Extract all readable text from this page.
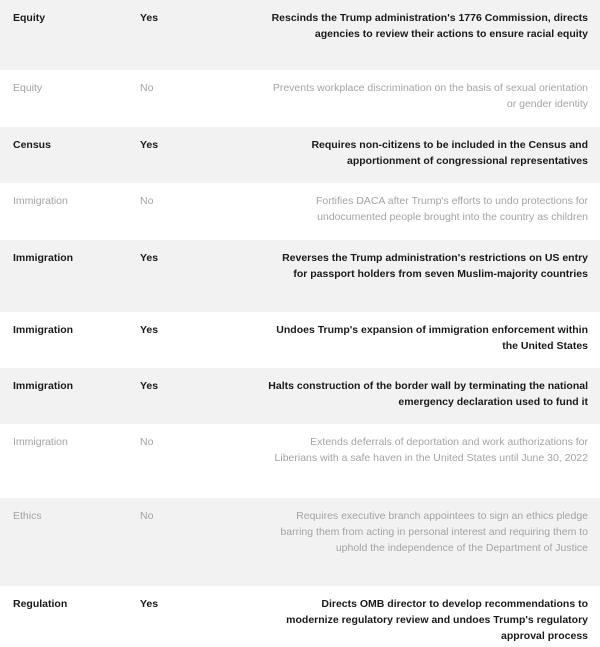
Equity	Yes	Rescinds the Trump administration's 1776 Commission, directs agencies to review their actions to ensure racial equity
Equity	No	Prevents workplace discrimination on the basis of sexual orientation or gender identity
Census	Yes	Requires non-citizens to be included in the Census and apportionment of congressional representatives
Immigration	No	Fortifies DACA after Trump's efforts to undo protections for undocumented people brought into the country as children
Immigration	Yes	Reverses the Trump administration's restrictions on US entry for passport holders from seven Muslim-majority countries
Immigration	Yes	Undoes Trump's expansion of immigration enforcement within the United States
Immigration	Yes	Halts construction of the border wall by terminating the national emergency declaration used to fund it
Immigration	No	Extends deferrals of deportation and work authorizations for Liberians with a safe haven in the United States until June 30, 2022
Ethics	No	Requires executive branch appointees to sign an ethics pledge barring them from acting in personal interest and requiring them to uphold the independence of the Department of Justice
Regulation	Yes	Directs OMB director to develop recommendations to modernize regulatory review and undoes Trump's regulatory approval process
